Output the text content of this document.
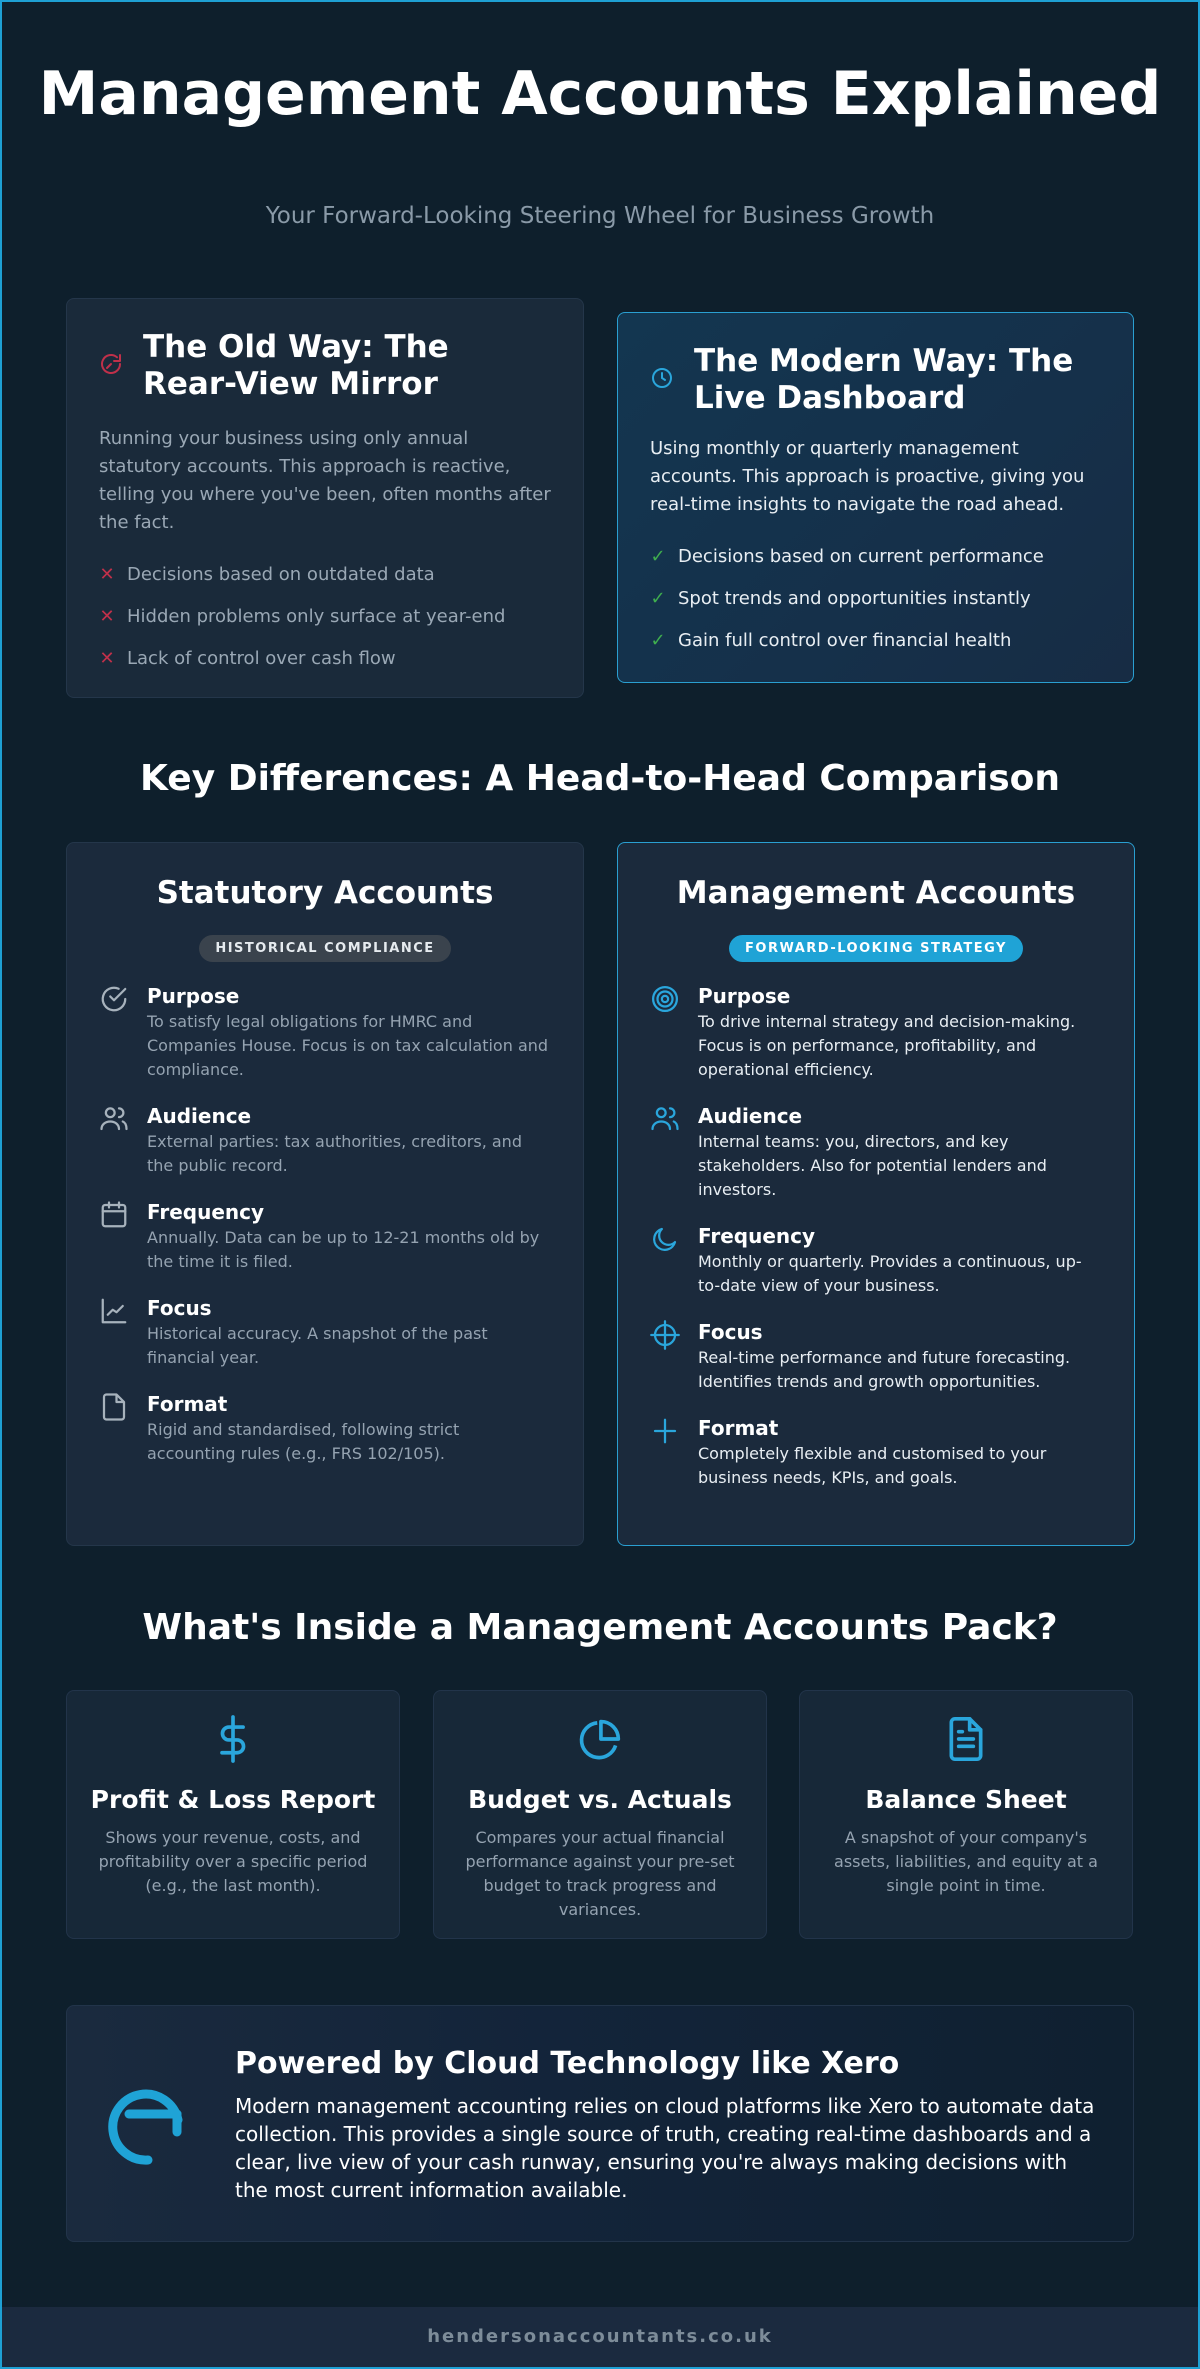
Management Accounts Explained
Your Forward-Looking Steering Wheel for Business Growth
The Old Way: The Rear-View Mirror

Running your business using only annual statutory accounts. This approach is reactive, telling you where you've been, often months after the fact.

✕ Decisions based on outdated data
✕ Hidden problems only surface at year-end
✕ Lack of control over cash flow
The Modern Way: The Live Dashboard

Using monthly or quarterly management accounts. This approach is proactive, giving you real-time insights to navigate the road ahead.

✓ Decisions based on current performance
✓ Spot trends and opportunities instantly
✓ Gain full control over financial health
Key Differences: A Head-to-Head Comparison
Statutory Accounts
HISTORICAL COMPLIANCE
Purpose
To satisfy legal obligations for HMRC and Companies House. Focus is on tax calculation and compliance.
Audience
External parties: tax authorities, creditors, and the public record.
Frequency
Annually. Data can be up to 12-21 months old by the time it is filed.
Focus
Historical accuracy. A snapshot of the past financial year.
Format
Rigid and standardised, following strict accounting rules (e.g., FRS 102/105).
Management Accounts
FORWARD-LOOKING STRATEGY
Purpose
To drive internal strategy and decision-making. Focus is on performance, profitability, and operational efficiency.
Audience
Internal teams: you, directors, and key stakeholders. Also for potential lenders and investors.
Frequency
Monthly or quarterly. Provides a continuous, up-to-date view of your business.
Focus
Real-time performance and future forecasting. Identifies trends and growth opportunities.
Format
Completely flexible and customised to your business needs, KPIs, and goals.
What's Inside a Management Accounts Pack?
Profit & Loss Report
Shows your revenue, costs, and profitability over a specific period (e.g., the last month).
Budget vs. Actuals
Compares your actual financial performance against your pre-set budget to track progress and variances.
Balance Sheet
A snapshot of your company's assets, liabilities, and equity at a single point in time.
Powered by Cloud Technology like Xero

Modern management accounting relies on cloud platforms like Xero to automate data collection. This provides a single source of truth, creating real-time dashboards and a clear, live view of your cash runway, ensuring you're always making decisions with the most current information available.

hendersonaccountants.co.uk
